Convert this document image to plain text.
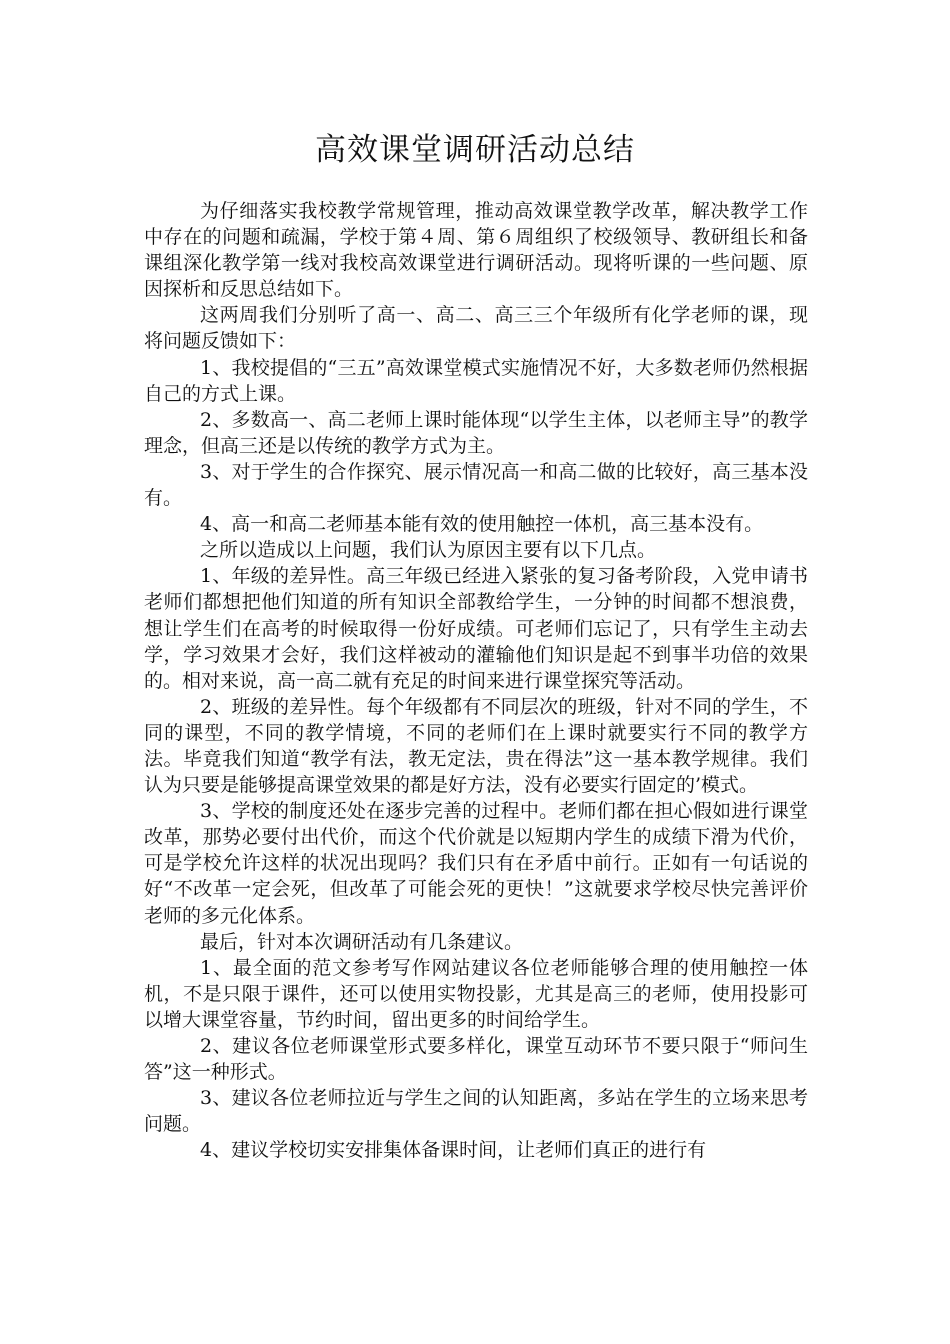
高效课堂调研活动总结

为仔细落实我校教学常规管理，推动高效课堂教学改革，解决教学工作中存在的问题和疏漏，学校于第４周、第６周组织了校级领导、教研组长和备课组深化教学第一线对我校高效课堂进行调研活动。现将听课的一些问题、原因探析和反思总结如下。

这两周我们分别听了高一、高二、高三三个年级所有化学老师的课，现将问题反馈如下：

1、我校提倡的“三五”高效课堂模式实施情况不好，大多数老师仍然根据自己的方式上课。

2、多数高一、高二老师上课时能体现“以学生主体，以老师主导”的教学理念，但高三还是以传统的教学方式为主。

3、对于学生的合作探究、展示情况高一和高二做的比较好，高三基本没有。

4、高一和高二老师基本能有效的使用触控一体机，高三基本没有。

之所以造成以上问题，我们认为原因主要有以下几点。

1、年级的差异性。高三年级已经进入紧张的复习备考阶段，入党申请书老师们都想把他们知道的所有知识全部教给学生，一分钟的时间都不想浪费，想让学生们在高考的时候取得一份好成绩。可老师们忘记了，只有学生主动去学，学习效果才会好，我们这样被动的灌输他们知识是起不到事半功倍的效果的。相对来说，高一高二就有充足的时间来进行课堂探究等活动。

2、班级的差异性。每个年级都有不同层次的班级，针对不同的学生，不同的课型，不同的教学情境，不同的老师们在上课时就要实行不同的教学方法。毕竟我们知道“教学有法，教无定法，贵在得法”这一基本教学规律。我们认为只要是能够提高课堂效果的都是好方法，没有必要实行固定的’模式。

3、学校的制度还处在逐步完善的过程中。老师们都在担心假如进行课堂改革，那势必要付出代价，而这个代价就是以短期内学生的成绩下滑为代价，可是学校允许这样的状况出现吗？我们只有在矛盾中前行。正如有一句话说的好“不改革一定会死，但改革了可能会死的更快！”这就要求学校尽快完善评价老师的多元化体系。

最后，针对本次调研活动有几条建议。

1、最全面的范文参考写作网站建议各位老师能够合理的使用触控一体机，不是只限于课件，还可以使用实物投影，尤其是高三的老师，使用投影可以增大课堂容量，节约时间，留出更多的时间给学生。

2、建议各位老师课堂形式要多样化，课堂互动环节不要只限于“师问生答”这一种形式。

3、建议各位老师拉近与学生之间的认知距离，多站在学生的立场来思考问题。

4、建议学校切实安排集体备课时间，让老师们真正的进行有
